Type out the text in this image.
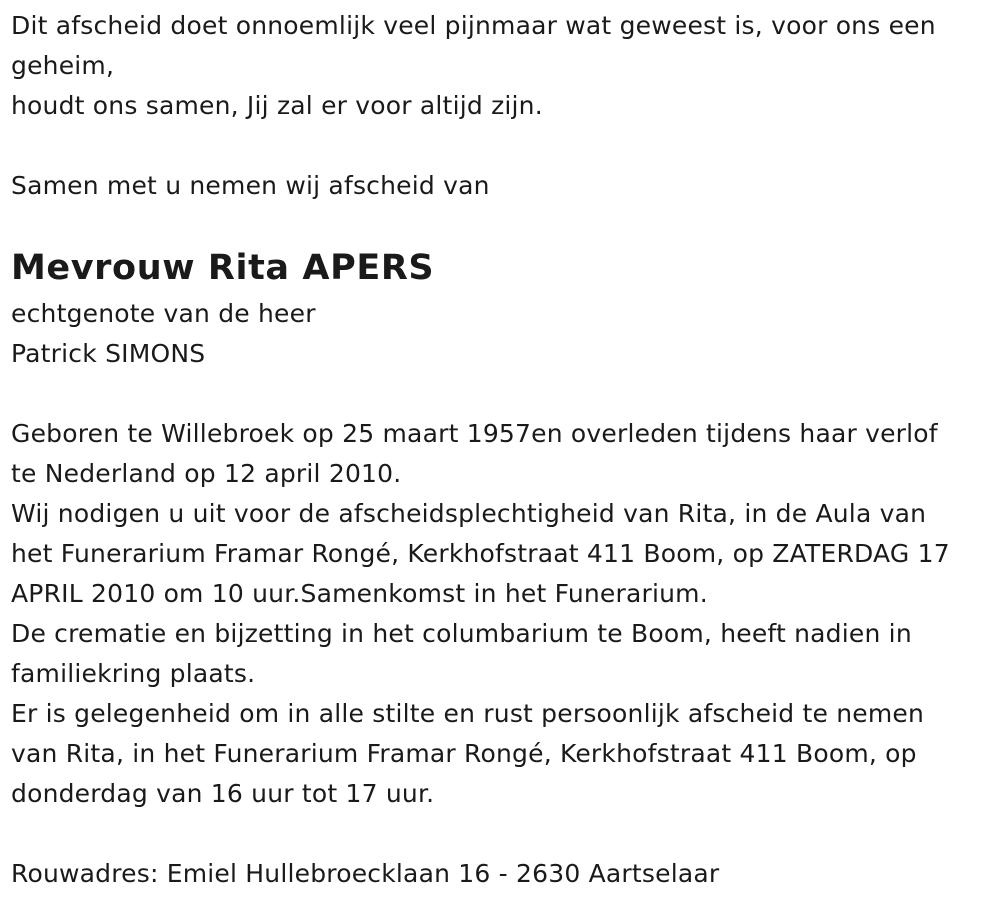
Dit afscheid doet onnoemlijk veel pijnmaar wat geweest is, voor ons een
geheim,
houdt ons samen, Jij zal er voor altijd zijn.
Samen met u nemen wij afscheid van
Mevrouw Rita APERS
echtgenote van de heer
Patrick SIMONS
Geboren te Willebroek op 25 maart 1957en overleden tijdens haar verlof
te Nederland op 12 april 2010.
Wij nodigen u uit voor de afscheidsplechtigheid van Rita, in de Aula van
het Funerarium Framar Rongé, Kerkhofstraat 411 Boom, op ZATERDAG 17
APRIL 2010 om 10 uur.Samenkomst in het Funerarium.
De crematie en bijzetting in het columbarium te Boom, heeft nadien in
familiekring plaats.
Er is gelegenheid om in alle stilte en rust persoonlijk afscheid te nemen
van Rita, in het Funerarium Framar Rongé, Kerkhofstraat 411 Boom, op
donderdag van 16 uur tot 17 uur.
Rouwadres: Emiel Hullebroecklaan 16 - 2630 Aartselaar
